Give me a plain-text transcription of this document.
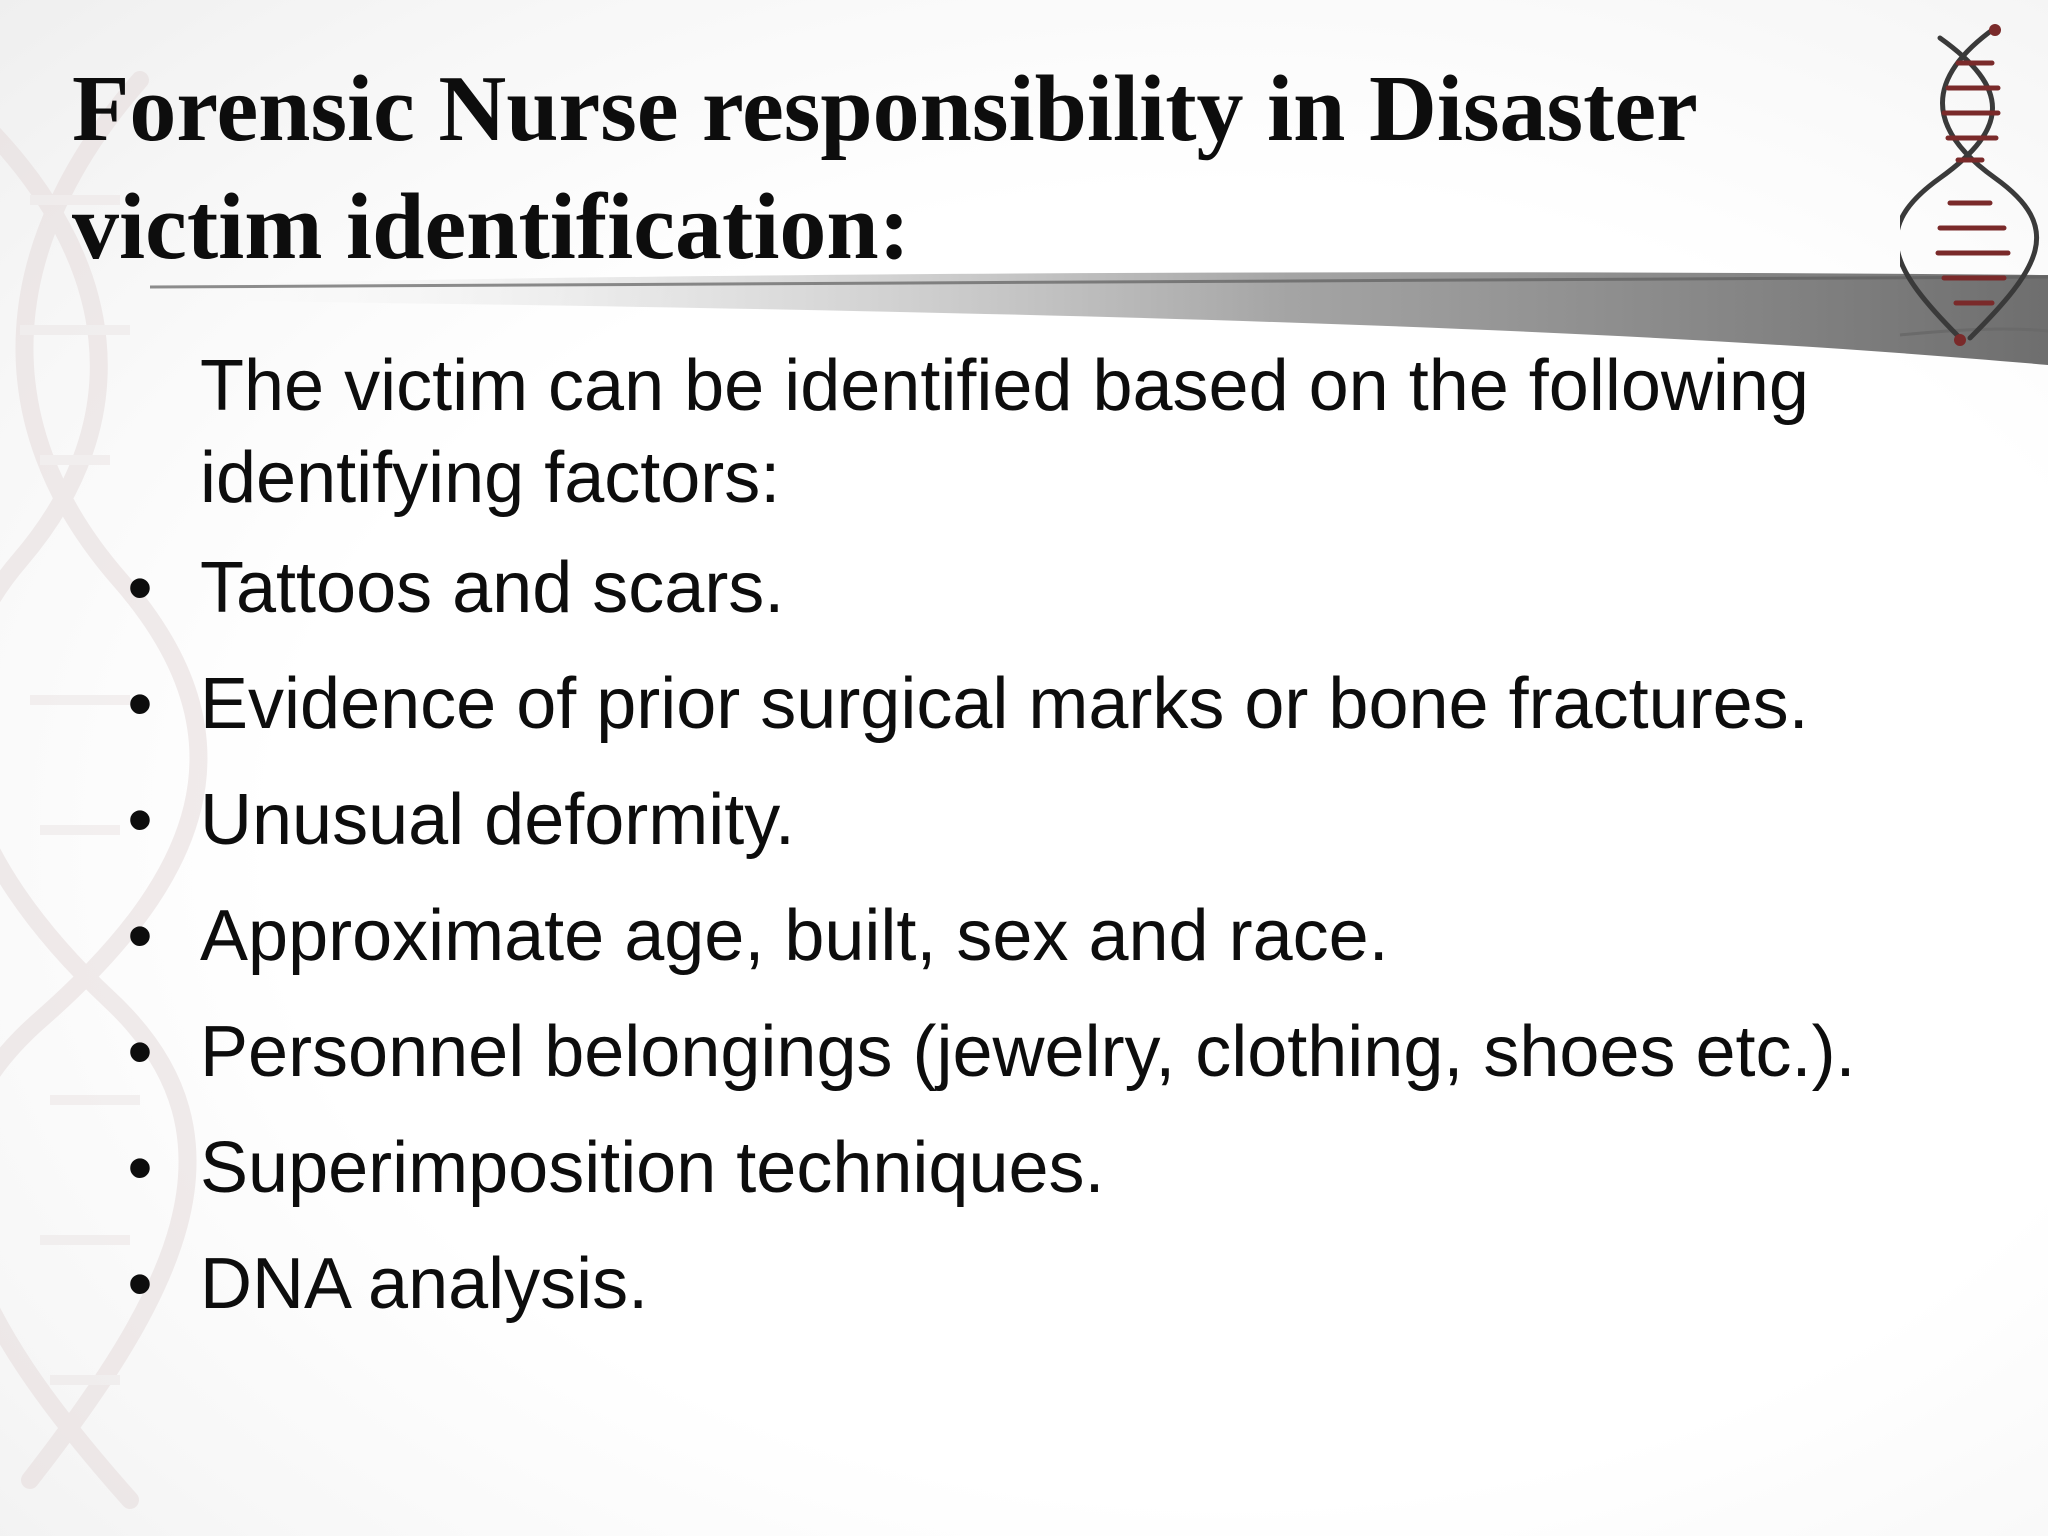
Forensic Nurse responsibility in Disaster victim identification:

The victim can be identified based on the following identifying factors:

• Tattoos and scars.
• Evidence of prior surgical marks or bone fractures.
• Unusual deformity.
• Approximate age, built, sex and race.
• Personnel belongings (jewelry, clothing, shoes etc.).
• Superimposition techniques.
• DNA analysis.
